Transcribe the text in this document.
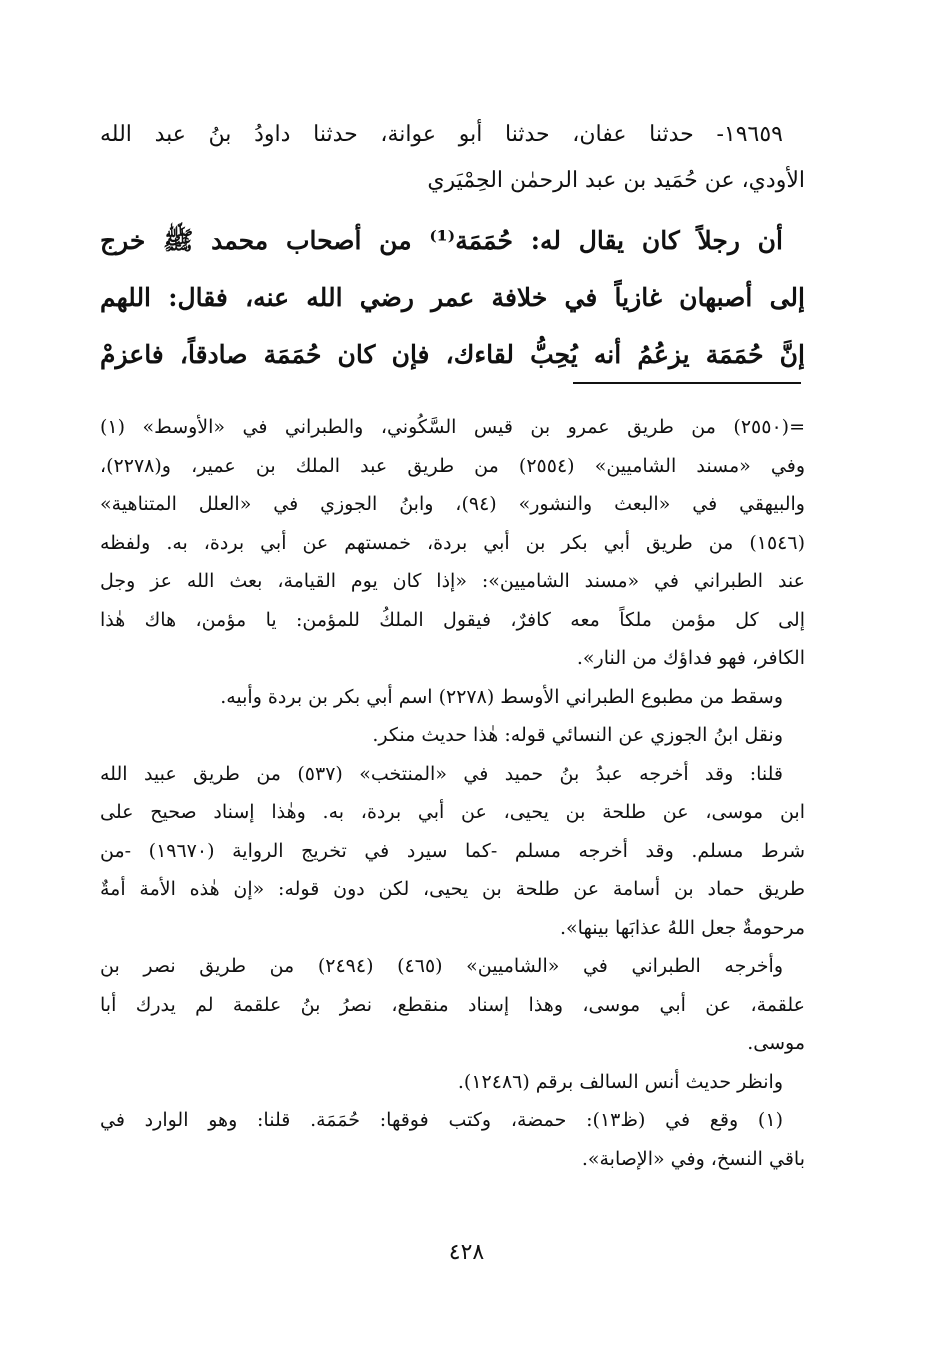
١٩٦٥٩- حدثنا عفان، حدثنا أبو عوانة، حدثنا داودُ بنُ عبد الله
الأودي، عن حُمَيد بن عبد الرحمٰن الحِمْيَري
أن رجلاً كان يقال له: حُمَمَة⁽¹⁾ من أصحاب محمد ﷺ خرج
إلى أصبهان غازياً في خلافة عمر رضي الله عنه، فقال: اللهم
إنَّ حُمَمَة يزعُمُ أنه يُحِبُّ لقاءك، فإن كان حُمَمَة صادقاً، فاعزمْ
=(٢٥٥٠) من طريق عمرو بن قيس السَّكُوني، والطبراني في «الأوسط» (١)
وفي «مسند الشاميين» (٢٥٥٤) من طريق عبد الملك بن عمير، و(٢٢٧٨)،
والبيهقي في «البعث والنشور» (٩٤)، وابنُ الجوزي في «العلل المتناهية»
(١٥٤٦) من طريق أبي بكر بن أبي بردة، خمستهم عن أبي بردة، به. ولفظه
عند الطبراني في «مسند الشاميين»: «إذا كان يوم القيامة، بعث الله عز وجل
إلى كل مؤمن ملكاً معه كافرٌ، فيقول الملكُ للمؤمن: يا مؤمن، هاك هٰذا
الكافر، فهو فداؤك من النار».
وسقط من مطبوع الطبراني الأوسط (٢٢٧٨) اسم أبي بكر بن بردة وأبيه.
ونقل ابنُ الجوزي عن النسائي قوله: هٰذا حديث منكر.
قلنا: وقد أخرجه عبدُ بنُ حميد في «المنتخب» (٥٣٧) من طريق عبيد الله
ابن موسى، عن طلحة بن يحيى، عن أبي بردة، به. وهٰذا إسناد صحيح على
شرط مسلم. وقد أخرجه مسلم -كما سيرد في تخريج الرواية (١٩٦٧٠) -من
طريق حماد بن أسامة عن طلحة بن يحيى، لكن دون قوله: «إن هٰذه الأمة أمةٌ
مرحومةٌ جعل اللهُ عذابَها بينها».
وأخرجه الطبراني في «الشاميين» (٤٦٥) (٢٤٩٤) من طريق نصر بن
علقمة، عن أبي موسى، وهذا إسناد منقطع، نصرُ بنُ علقمة لم يدرك أبا
موسى.
وانظر حديث أنس السالف برقم (١٢٤٨٦).
(١) وقع في (ظ١٣): حمضة، وكتب فوقها: حُمَمَة. قلنا: وهو الوارد في
باقي النسخ، وفي «الإصابة».
٤٢٨
